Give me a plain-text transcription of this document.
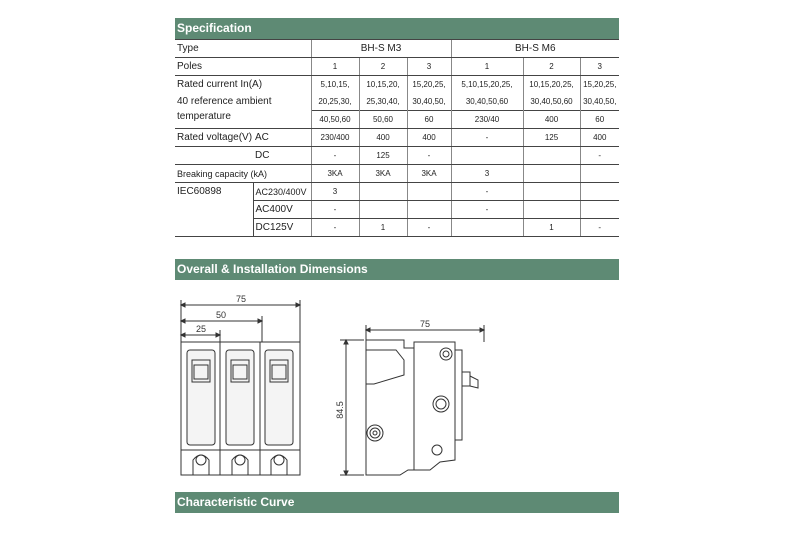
Specification
Type		BH-S M3			BH-S M6		
Poles		1	2	3	1	2	3
Rated current In(A)		5,10,15,	10,15,20,	15,20,25,	5,10,15,20,25,	10,15,20,25,	15,20,25,
40 reference ambient		20,25,30,	25,30,40,	30,40,50,	30,40,50,60	30,40,50,60	30,40,50,
temperature		40,50,60	50,60	60	230/40	400	60
Rated voltage(V)	AC	230/400	400	400	-	125	400
	DC	-	125	-			-
Breaking capacity (kA)		3KA	3KA	3KA	3		
IEC60898	AC230/400V	3			-		
	AC400V	-			-		
	DC125V	-	1	-		1	-
Overall & Installation Dimensions
75
50
25	75
84.5
Characteristic Curve
